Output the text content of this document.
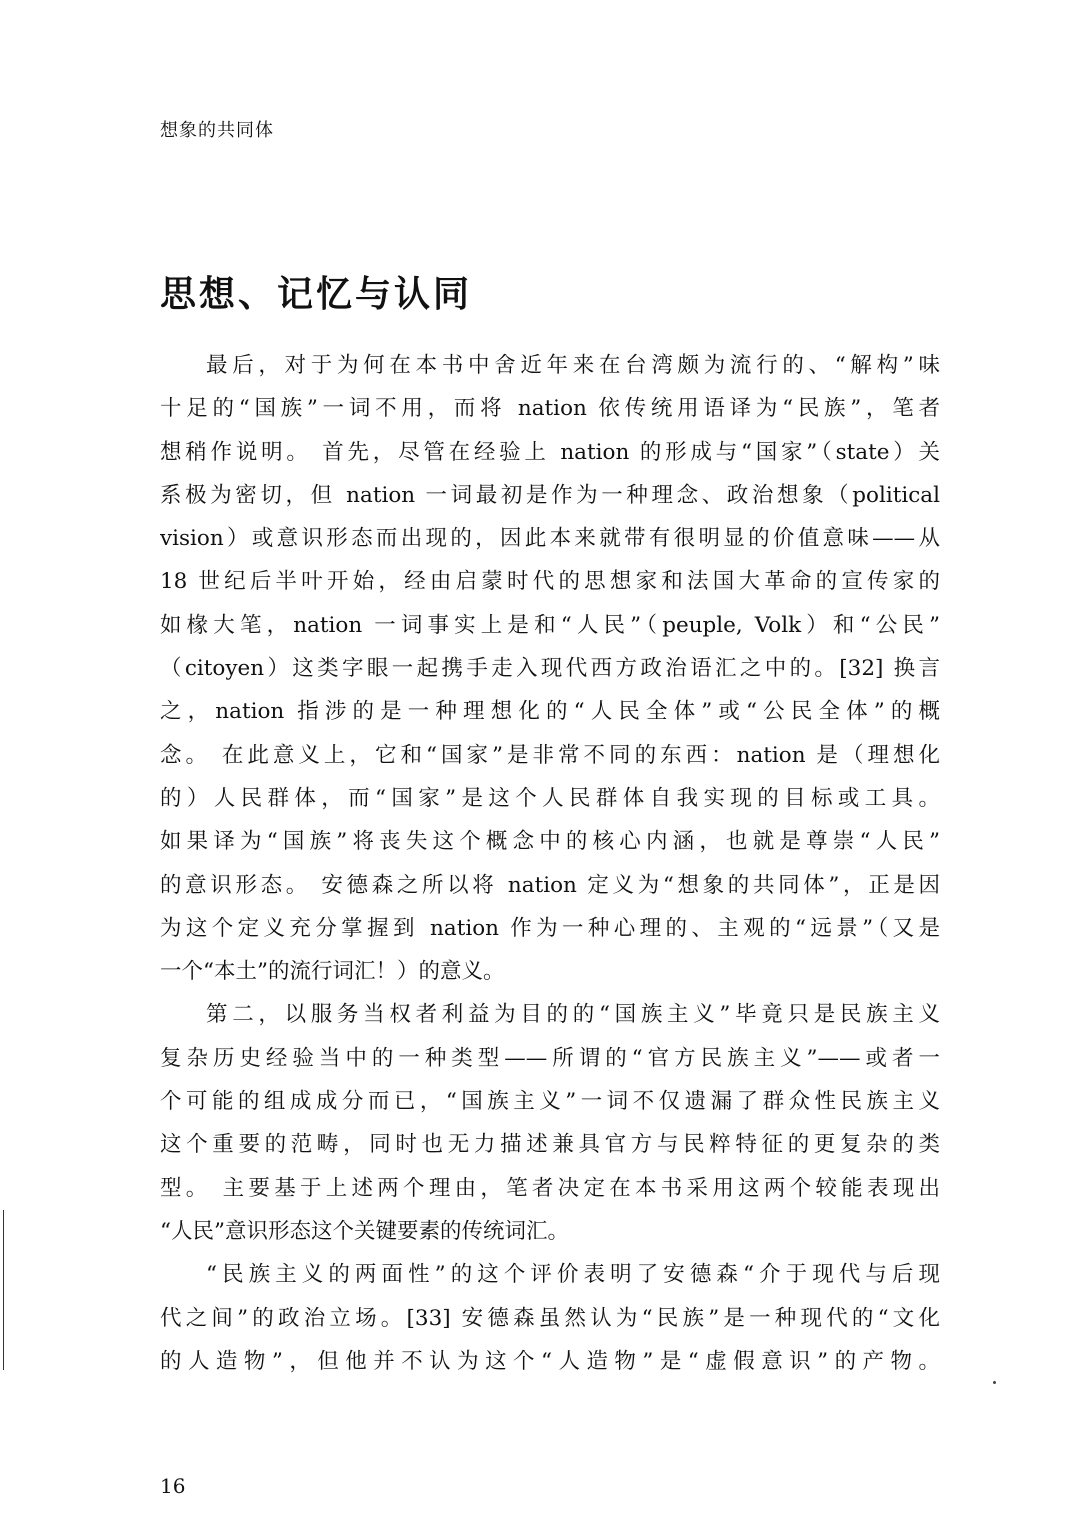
想象的共同体
思想、记忆与认同
最后，对于为何在本书中舍近年来在台湾颇为流行的、“解构”味
十足的“国族”一词不用，而将 nation 依传统用语译为“民族”，笔者
想稍作说明。 首先，尽管在经验上 nation 的形成与“国家”（state）关
系极为密切，但 nation 一词最初是作为一种理念、政治想象（political
vision）或意识形态而出现的，因此本来就带有很明显的价值意味——从
18 世纪后半叶开始，经由启蒙时代的思想家和法国大革命的宣传家的
如椽大笔，nation 一词事实上是和“人民”（peuple, Volk）和“公民”
（citoyen）这类字眼一起携手走入现代西方政治语汇之中的。[32] 换言
之，nation 指涉的是一种理想化的“人民全体”或“公民全体”的概
念。 在此意义上，它和“国家”是非常不同的东西：nation 是（理想化
的）人民群体，而“国家”是这个人民群体自我实现的目标或工具。
如果译为“国族”将丧失这个概念中的核心内涵，也就是尊崇“人民”
的意识形态。 安德森之所以将 nation 定义为“想象的共同体”，正是因
为这个定义充分掌握到 nation 作为一种心理的、主观的“远景”（又是
一个“本土”的流行词汇！）的意义。
第二，以服务当权者利益为目的的“国族主义”毕竟只是民族主义
复杂历史经验当中的一种类型——所谓的“官方民族主义”——或者一
个可能的组成成分而已，“国族主义”一词不仅遗漏了群众性民族主义
这个重要的范畴，同时也无力描述兼具官方与民粹特征的更复杂的类
型。 主要基于上述两个理由，笔者决定在本书采用这两个较能表现出
“人民”意识形态这个关键要素的传统词汇。
“民族主义的两面性”的这个评价表明了安德森“介于现代与后现
代之间”的政治立场。[33] 安德森虽然认为“民族”是一种现代的“文化
的人造物”，但他并不认为这个“人造物”是“虚假意识”的产物。
16
